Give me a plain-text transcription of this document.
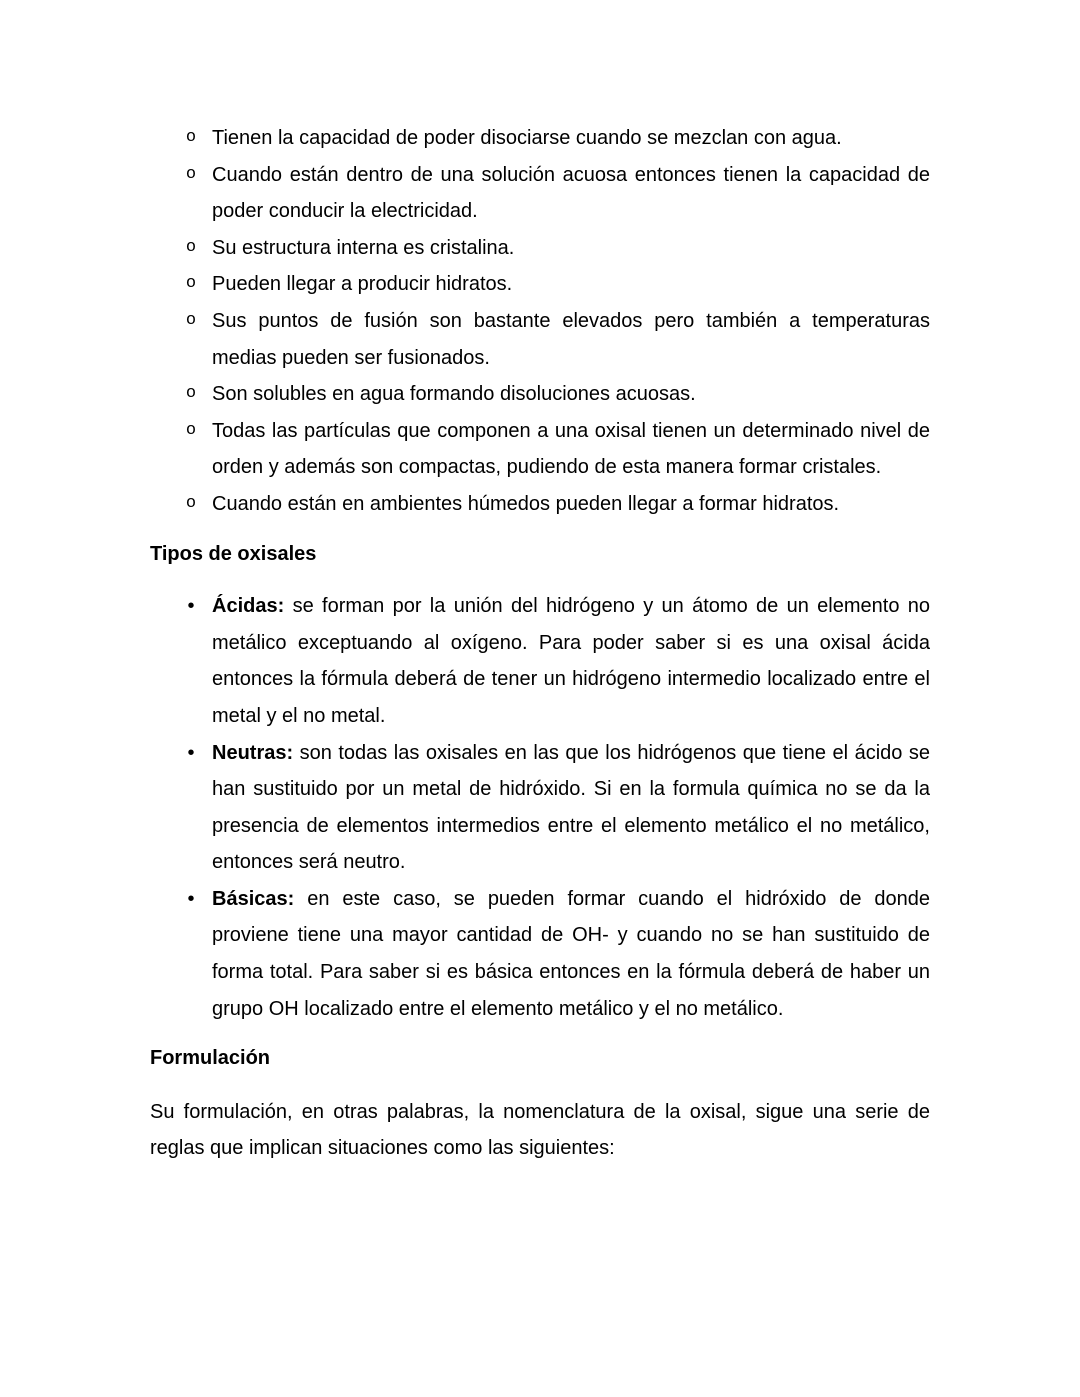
o Tienen la capacidad de poder disociarse cuando se mezclan con agua.
o Cuando están dentro de una solución acuosa entonces tienen la capacidad de poder conducir la electricidad.
o Su estructura interna es cristalina.
o Pueden llegar a producir hidratos.
o Sus puntos de fusión son bastante elevados pero también a temperaturas medias pueden ser fusionados.
o Son solubles en agua formando disoluciones acuosas.
o Todas las partículas que componen a una oxisal tienen un determinado nivel de orden y además son compactas, pudiendo de esta manera formar cristales.
o Cuando están en ambientes húmedos pueden llegar a formar hidratos.
Tipos de oxisales
• Ácidas: se forman por la unión del hidrógeno y un átomo de un elemento no metálico exceptuando al oxígeno. Para poder saber si es una oxisal ácida entonces la fórmula deberá de tener un hidrógeno intermedio localizado entre el metal y el no metal.
• Neutras: son todas las oxisales en las que los hidrógenos que tiene el ácido se han sustituido por un metal de hidróxido. Si en la formula química no se da la presencia de elementos intermedios entre el elemento metálico el no metálico, entonces será neutro.
• Básicas: en este caso, se pueden formar cuando el hidróxido de donde proviene tiene una mayor cantidad de OH- y cuando no se han sustituido de forma total. Para saber si es básica entonces en la fórmula deberá de haber un grupo OH localizado entre el elemento metálico y el no metálico.
Formulación

Su formulación, en otras palabras, la nomenclatura de la oxisal, sigue una serie de reglas que implican situaciones como las siguientes:
